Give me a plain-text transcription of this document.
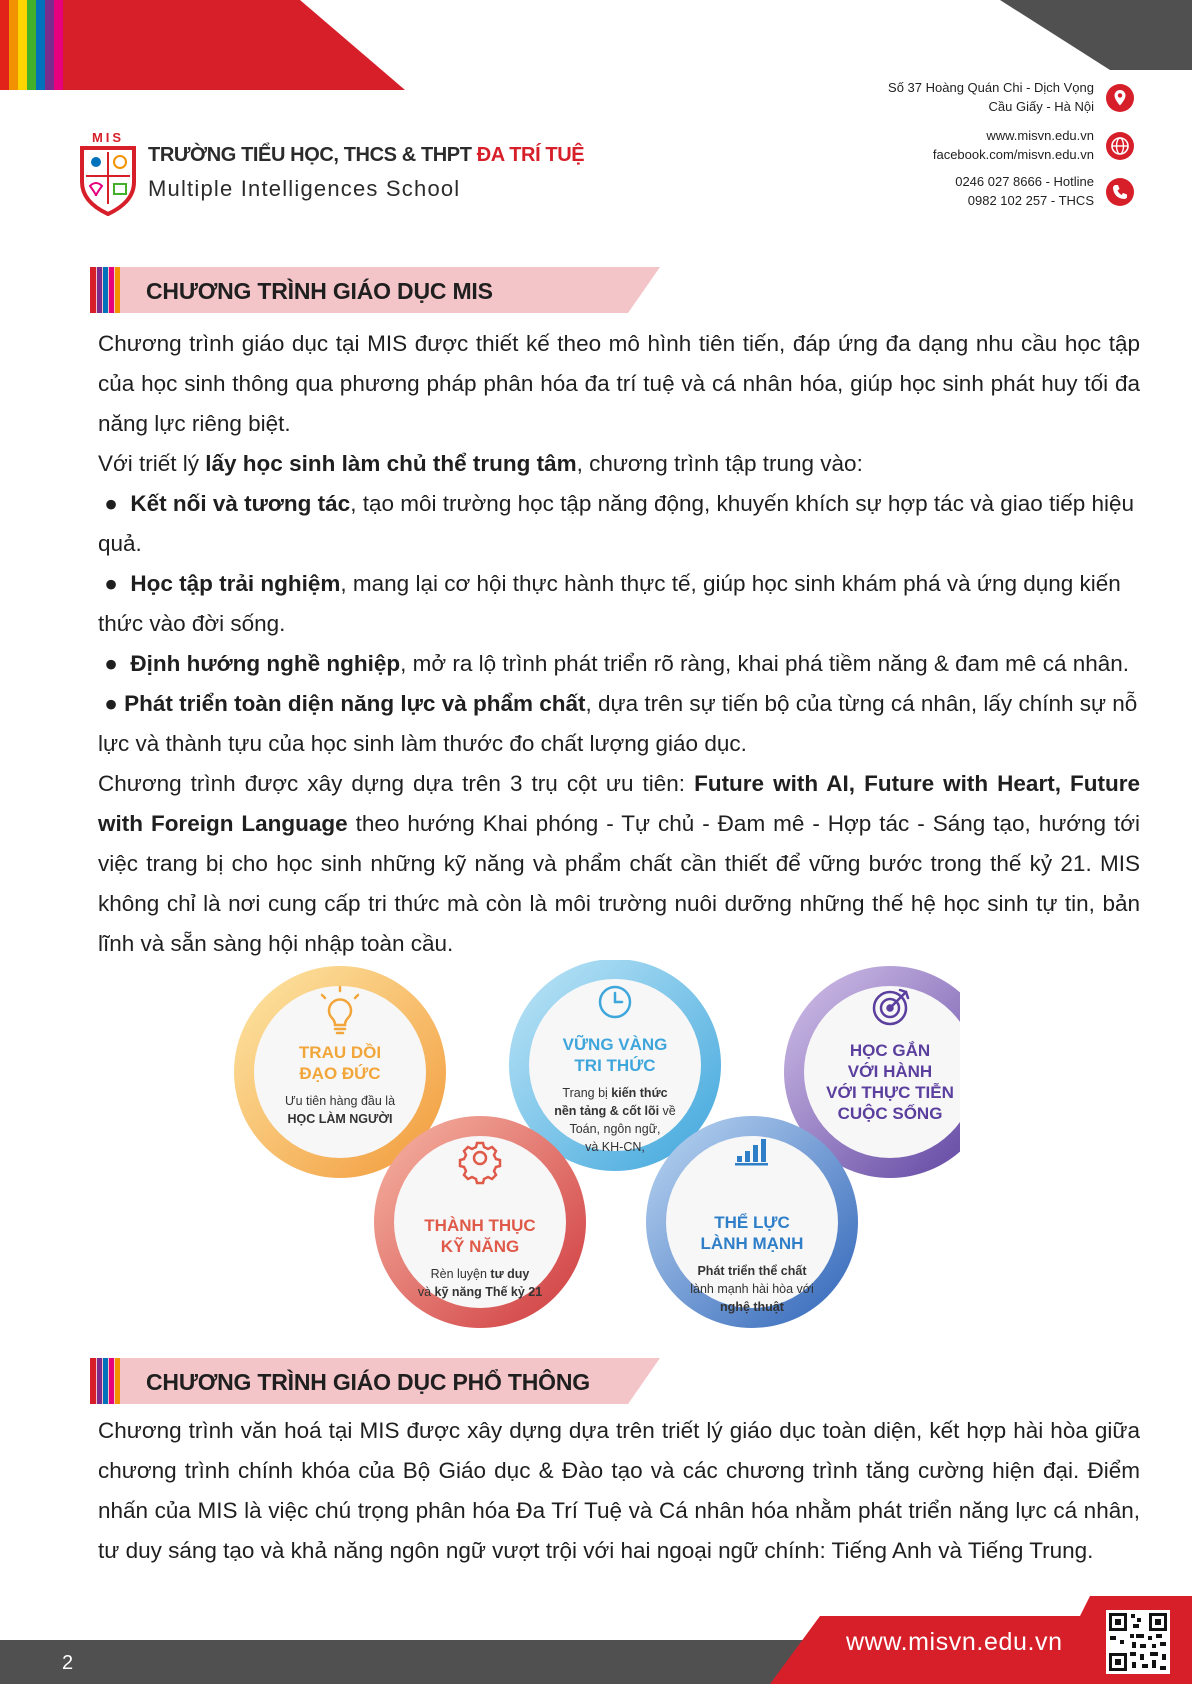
MIS
TRƯỜNG TIỂU HỌC, THCS & THPT ĐA TRÍ TUỆ
Multiple Intelligences School
Số 37 Hoàng Quán Chi - Dịch Vọng
Cầu Giấy - Hà Nội
www.misvn.edu.vn
facebook.com/misvn.edu.vn
0246 027 8666 - Hotline
0982 102 257 - THCS
CHƯƠNG TRÌNH GIÁO DỤC MIS

Chương trình giáo dục tại MIS được thiết kế theo mô hình tiên tiến, đáp ứng đa dạng nhu cầu học tập của học sinh thông qua phương pháp phân hóa đa trí tuệ và cá nhân hóa, giúp học sinh phát huy tối đa năng lực riêng biệt.

Với triết lý lấy học sinh làm chủ thể trung tâm, chương trình tập trung vào:

● Kết nối và tương tác, tạo môi trường học tập năng động, khuyến khích sự hợp tác và giao tiếp hiệu quả.

● Học tập trải nghiệm, mang lại cơ hội thực hành thực tế, giúp học sinh khám phá và ứng dụng kiến thức vào đời sống.

● Định hướng nghề nghiệp, mở ra lộ trình phát triển rõ ràng, khai phá tiềm năng & đam mê cá nhân.

● Phát triển toàn diện năng lực và phẩm chất, dựa trên sự tiến bộ của từng cá nhân, lấy chính sự nỗ lực và thành tựu của học sinh làm thước đo chất lượng giáo dục.

Chương trình được xây dựng dựa trên 3 trụ cột ưu tiên: Future with AI, Future with Heart, Future with Foreign Language theo hướng Khai phóng - Tự chủ - Đam mê - Hợp tác - Sáng tạo, hướng tới việc trang bị cho học sinh những kỹ năng và phẩm chất cần thiết để vững bước trong thế kỷ 21. MIS không chỉ là nơi cung cấp tri thức mà còn là môi trường nuôi dưỡng những thế hệ học sinh tự tin, bản lĩnh và sẵn sàng hội nhập toàn cầu.

TRAU DỒI
ĐẠO ĐỨC
Ưu tiên hàng đầu là
HỌC LÀM NGƯỜI
VỮNG VÀNG
TRI THỨC
Trang bị kiến thức
nền tảng & cốt lõi về
Toán, ngôn ngữ,
và KH-CN,
HỌC GẮN
VỚI HÀNH
VỚI THỰC TIỄN
CUỘC SỐNG
THÀNH THỤC
KỸ NĂNG
Rèn luyện tư duy
và kỹ năng Thế kỷ 21
THỂ LỰC
LÀNH MẠNH
Phát triển thể chất
lành mạnh hài hòa với
nghệ thuật
CHƯƠNG TRÌNH GIÁO DỤC PHỔ THÔNG

Chương trình văn hoá tại MIS được xây dựng dựa trên triết lý giáo dục toàn diện, kết hợp hài hòa giữa chương trình chính khóa của Bộ Giáo dục & Đào tạo và các chương trình tăng cường hiện đại. Điểm nhấn của MIS là việc chú trọng phân hóa Đa Trí Tuệ và Cá nhân hóa nhằm phát triển năng lực cá nhân, tư duy sáng tạo và khả năng ngôn ngữ vượt trội với hai ngoại ngữ chính: Tiếng Anh và Tiếng Trung.

2
www.misvn.edu.vn
